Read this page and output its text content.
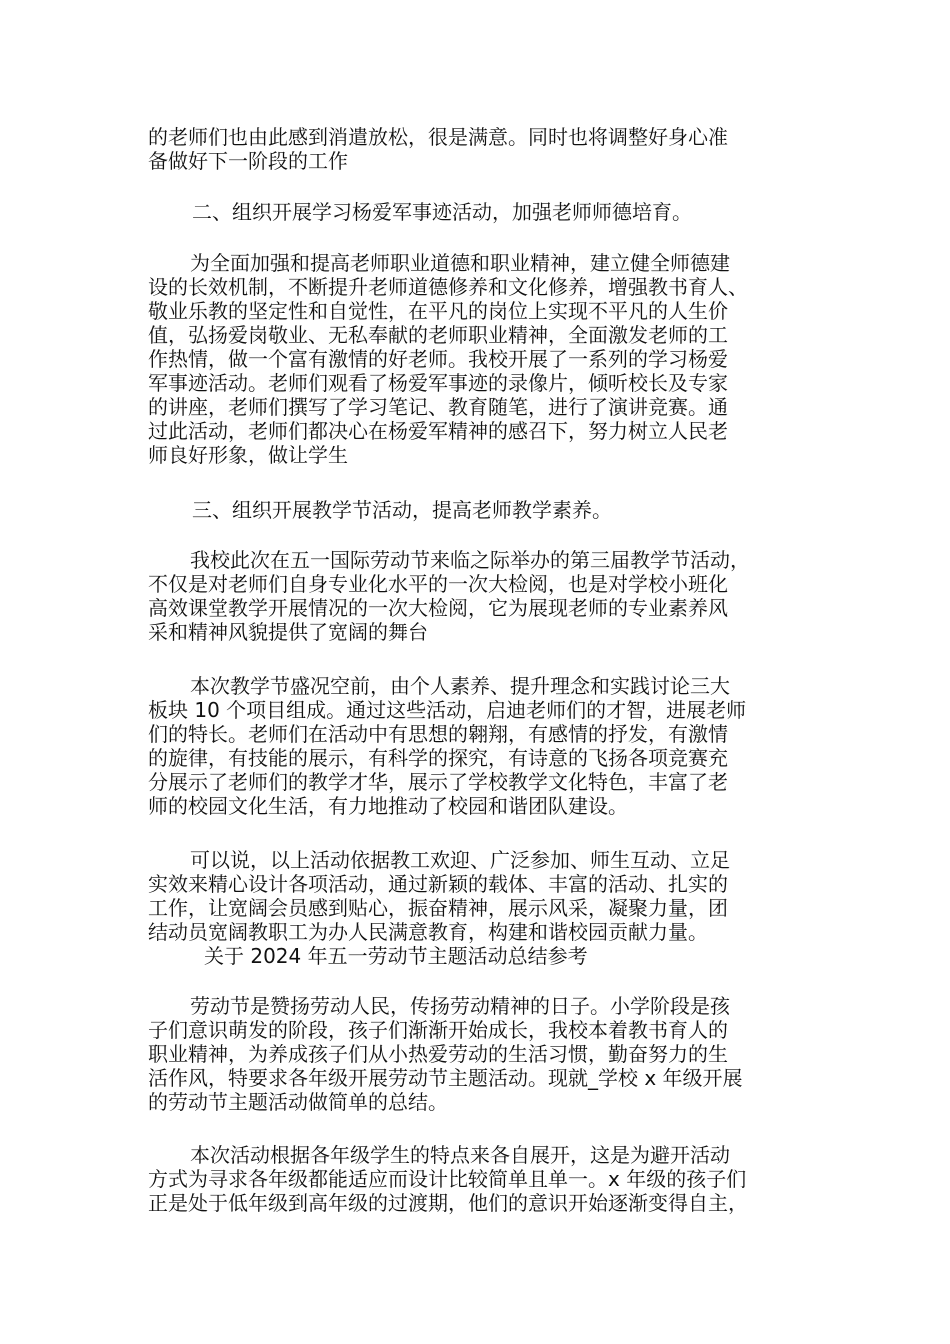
的老师们也由此感到消遣放松，很是满意。同时也将调整好身心准
备做好下一阶段的工作
二、组织开展学习杨爱军事迹活动，加强老师师德培育。
为全面加强和提高老师职业道德和职业精神，建立健全师德建
设的长效机制，不断提升老师道德修养和文化修养，增强教书育人、
敬业乐教的坚定性和自觉性，在平凡的岗位上实现不平凡的人生价
值，弘扬爱岗敬业、无私奉献的老师职业精神，全面激发老师的工
作热情，做一个富有激情的好老师。我校开展了一系列的学习杨爱
军事迹活动。老师们观看了杨爱军事迹的录像片，倾听校长及专家
的讲座，老师们撰写了学习笔记、教育随笔，进行了演讲竞赛。通
过此活动，老师们都决心在杨爱军精神的感召下，努力树立人民老
师良好形象，做让学生
三、组织开展教学节活动，提高老师教学素养。
我校此次在五一国际劳动节来临之际举办的第三届教学节活动，
不仅是对老师们自身专业化水平的一次大检阅，也是对学校小班化
高效课堂教学开展情况的一次大检阅，它为展现老师的专业素养风
采和精神风貌提供了宽阔的舞台
本次教学节盛况空前，由个人素养、提升理念和实践讨论三大
板块 10 个项目组成。通过这些活动，启迪老师们的才智，进展老师
们的特长。老师们在活动中有思想的翱翔，有感情的抒发，有激情
的旋律，有技能的展示，有科学的探究，有诗意的飞扬各项竞赛充
分展示了老师们的教学才华，展示了学校教学文化特色，丰富了老
师的校园文化生活，有力地推动了校园和谐团队建设。
可以说，以上活动依据教工欢迎、广泛参加、师生互动、立足
实效来精心设计各项活动，通过新颖的载体、丰富的活动、扎实的
工作，让宽阔会员感到贴心，振奋精神，展示风采，凝聚力量，团
结动员宽阔教职工为办人民满意教育，构建和谐校园贡献力量。
关于 2024 年五一劳动节主题活动总结参考
劳动节是赞扬劳动人民，传扬劳动精神的日子。小学阶段是孩
子们意识萌发的阶段，孩子们渐渐开始成长，我校本着教书育人的
职业精神，为养成孩子们从小热爱劳动的生活习惯，勤奋努力的生
活作风，特要求各年级开展劳动节主题活动。现就_学校 x 年级开展
的劳动节主题活动做简单的总结。
本次活动根据各年级学生的特点来各自展开，这是为避开活动
方式为寻求各年级都能适应而设计比较简单且单一。x 年级的孩子们
正是处于低年级到高年级的过渡期，他们的意识开始逐渐变得自主，
